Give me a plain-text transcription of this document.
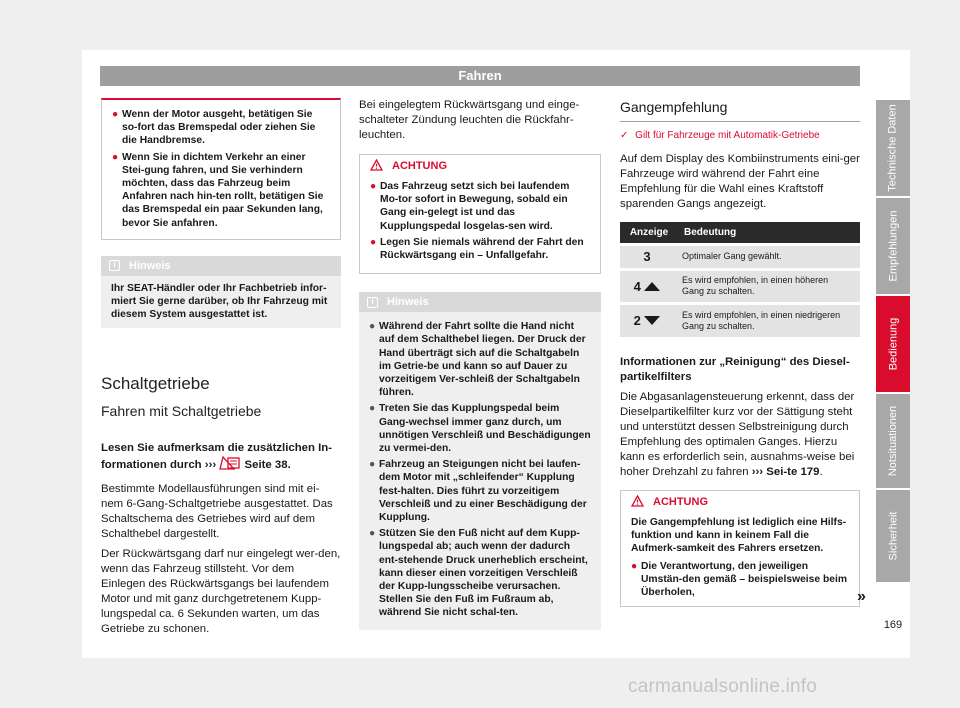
Fahren
● Wenn der Motor ausgeht, betätigen Sie so-fort das Bremspedal oder ziehen Sie die Handbremse.
● Wenn Sie in dichtem Verkehr an einer Stei-gung fahren, und Sie verhindern möchten, dass das Fahrzeug beim Anfahren nach hin-ten rollt, betätigen Sie das Bremspedal ein paar Sekunden lang, bevor Sie anfahren.
i	Hinweis
Ihr SEAT-Händler oder Ihr Fachbetrieb infor-miert Sie gerne darüber, ob Ihr Fahrzeug mit diesem System ausgestattet ist.
Schaltgetriebe
Fahren mit Schaltgetriebe

Lesen Sie aufmerksam die zusätzlichen In-formationen durch ›››  Seite 38.

Bestimmte Modellausführungen sind mit ei-nem 6-Gang-Schaltgetriebe ausgestattet. Das Schaltschema des Getriebes wird auf dem Schalthebel dargestellt.

Der Rückwärtsgang darf nur eingelegt wer-den, wenn das Fahrzeug stillsteht. Vor dem Einlegen des Rückwärtsgangs bei laufendem Motor und mit ganz durchgetretenem Kupp-lungspedal ca. 6 Sekunden warten, um das Getriebe zu schonen.

Bei eingelegtem Rückwärtsgang und einge-schalteter Zündung leuchten die Rückfahr-leuchten.

ACHTUNG
● Das Fahrzeug setzt sich bei laufendem Mo-tor sofort in Bewegung, sobald ein Gang ein-gelegt ist und das Kupplungspedal losgelas-sen wird.
● Legen Sie niemals während der Fahrt den Rückwärtsgang ein – Unfallgefahr.
i	Hinweis
● Während der Fahrt sollte die Hand nicht auf dem Schalthebel liegen. Der Druck der Hand überträgt sich auf die Schaltgabeln im Getrie-be und kann so auf Dauer zu vorzeitigem Ver-schleiß der Schaltgabeln führen.
● Treten Sie das Kupplungspedal beim Gang-wechsel immer ganz durch, um unnötigen Verschleiß und Beschädigungen zu vermei-den.
● Fahrzeug an Steigungen nicht bei laufen-dem Motor mit „schleifender“ Kupplung fest-halten. Dies führt zu vorzeitigem Verschleiß und zu einer Beschädigung der Kupplung.
● Stützen Sie den Fuß nicht auf dem Kupp-lungspedal ab; auch wenn der dadurch ent-stehende Druck unerheblich erscheint, kann dieser einen vorzeitigen Verschleiß der Kupp-lungsscheibe verursachen. Stellen Sie den Fuß im Fußraum ab, während Sie nicht schal-ten.
Gangempfehlung
✓ Gilt für Fahrzeuge mit Automatik-Getriebe

Auf dem Display des Kombiinstruments eini-ger Fahrzeuge wird während der Fahrt eine Empfehlung für die Wahl eines Kraftstoff sparenden Gangs angezeigt.

Anzeige	Bedeutung
3	Optimaler Gang gewählt.
4	Es wird empfohlen, in einen höheren Gang zu schalten.
2	Es wird empfohlen, in einen niedrigeren Gang zu schalten.

Informationen zur „Reinigung“ des Diesel-partikelfilters

Die Abgasanlagensteuerung erkennt, dass der Dieselpartikelfilter kurz vor der Sättigung steht und unterstützt dessen Selbstreinigung durch Empfehlung des optimalen Ganges. Hierzu kann es erforderlich sein, ausnahms-weise bei hoher Drehzahl zu fahren ››› Sei-te 179.

ACHTUNG

Die Gangempfehlung ist lediglich eine Hilfs-funktion und kann in keinem Fall die Aufmerk-samkeit des Fahrers ersetzen.

● Die Verantwortung, den jeweiligen Umstän-den gemäß – beispielsweise beim Überholen,	»
Technische Daten
Empfehlungen
Bedienung
Notsituationen
Sicherheit
169
carmanualsonline.info
